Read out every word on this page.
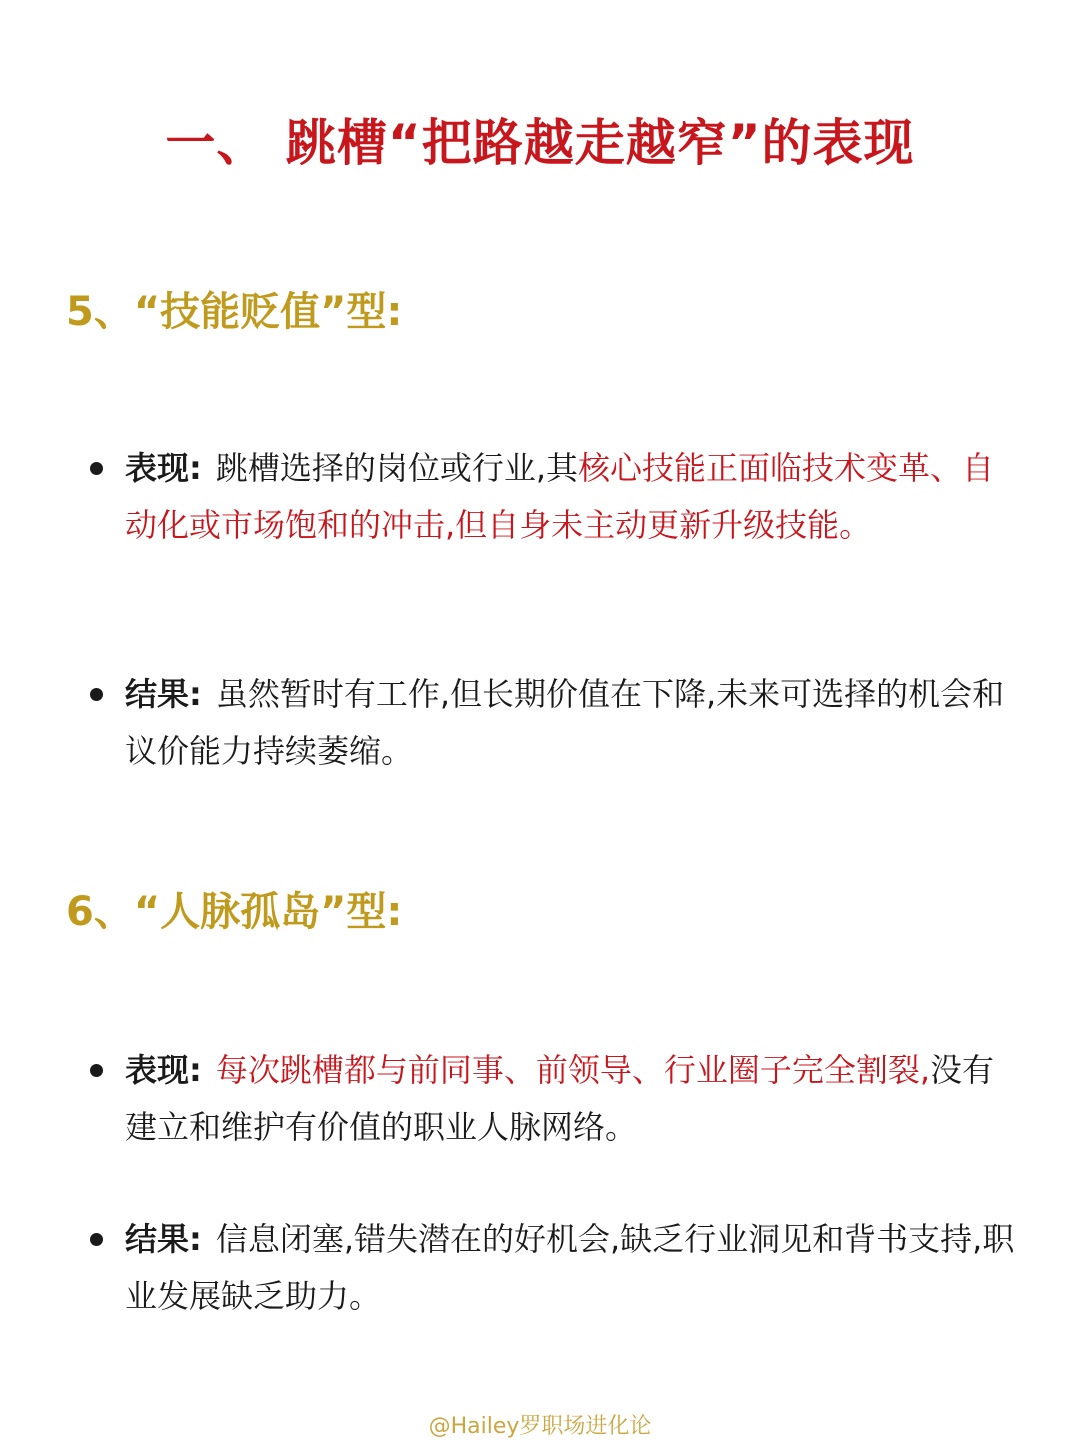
一、 跳槽“把路越走越窄”的表现
5、“技能贬值”型:
表现: 跳槽选择的岗位或行业,其核心技能正面临技术变革、自动化或市场饱和的冲击,但自身未主动更新升级技能。
结果: 虽然暂时有工作,但长期价值在下降,未来可选择的机会和议价能力持续萎缩。
6、“人脉孤岛”型:
表现: 每次跳槽都与前同事、前领导、行业圈子完全割裂,没有建立和维护有价值的职业人脉网络。
结果: 信息闭塞,错失潜在的好机会,缺乏行业洞见和背书支持,职业发展缺乏助力。
@Hailey罗职场进化论
